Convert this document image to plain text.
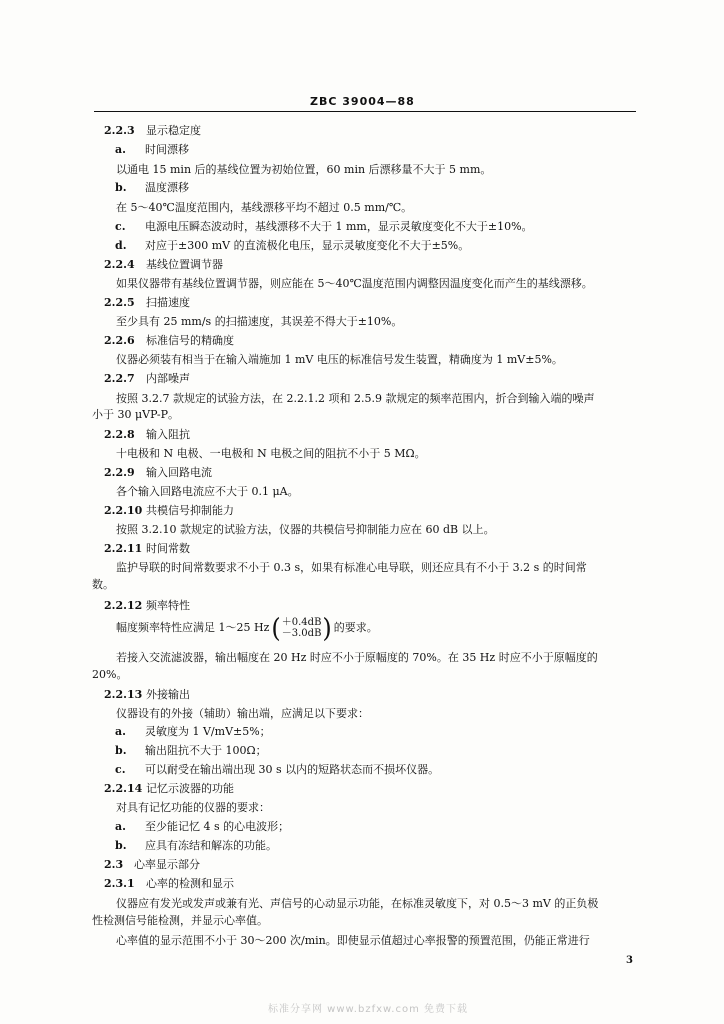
ZBC 39004—88
2.2.3 显示稳定度
a. 时间漂移
以通电 15 min 后的基线位置为初始位置，60 min 后漂移量不大于 5 mm。
b. 温度漂移
在 5～40℃温度范围内，基线漂移平均不超过 0.5 mm/℃。
c. 电源电压瞬态波动时，基线漂移不大于 1 mm，显示灵敏度变化不大于±10%。
d. 对应于±300 mV 的直流极化电压，显示灵敏度变化不大于±5%。
2.2.4 基线位置调节器
如果仪器带有基线位置调节器，则应能在 5～40℃温度范围内调整因温度变化而产生的基线漂移。
2.2.5 扫描速度
至少具有 25 mm/s 的扫描速度，其误差不得大于±10%。
2.2.6 标准信号的精确度
仪器必须装有相当于在输入端施加 1 mV 电压的标准信号发生装置，精确度为 1 mV±5%。
2.2.7 内部噪声
按照 3.2.7 款规定的试验方法，在 2.2.1.2 项和 2.5.9 款规定的频率范围内，折合到输入端的噪声
小于 30 μVP-P。
2.2.8 输入阻抗
十电极和 N 电极、一电极和 N 电极之间的阻抗不小于 5 MΩ。
2.2.9 输入回路电流
各个输入回路电流应不大于 0.1 μA。
2.2.10 共模信号抑制能力
按照 3.2.10 款规定的试验方法，仪器的共模信号抑制能力应在 60 dB 以上。
2.2.11 时间常数
监护导联的时间常数要求不小于 0.3 s，如果有标准心电导联，则还应具有不小于 3.2 s 的时间常
数。
2.2.12 频率特性
幅度频率特性应满足 1～25 Hz ( ＋0.4dB
－3.0dB ) 的要求。
若接入交流滤波器，输出幅度在 20 Hz 时应不小于原幅度的 70%。在 35 Hz 时应不小于原幅度的
20%。
2.2.13 外接输出
仪器设有的外接（辅助）输出端，应满足以下要求：
a. 灵敏度为 1 V/mV±5%；
b. 输出阻抗不大于 100Ω；
c. 可以耐受在输出端出现 30 s 以内的短路状态而不损坏仪器。
2.2.14 记忆示波器的功能
对具有记忆功能的仪器的要求：
a. 至少能记忆 4 s 的心电波形；
b. 应具有冻结和解冻的功能。
2.3 心率显示部分
2.3.1 心率的检测和显示
仪器应有发光或发声或兼有光、声信号的心动显示功能，在标准灵敏度下，对 0.5～3 mV 的正负极
性检测信号能检测，并显示心率值。
心率值的显示范围不小于 30～200 次/min。即使显示值超过心率报警的预置范围，仍能正常进行
3
标准分享网 www.bzfxw.com 免费下载
